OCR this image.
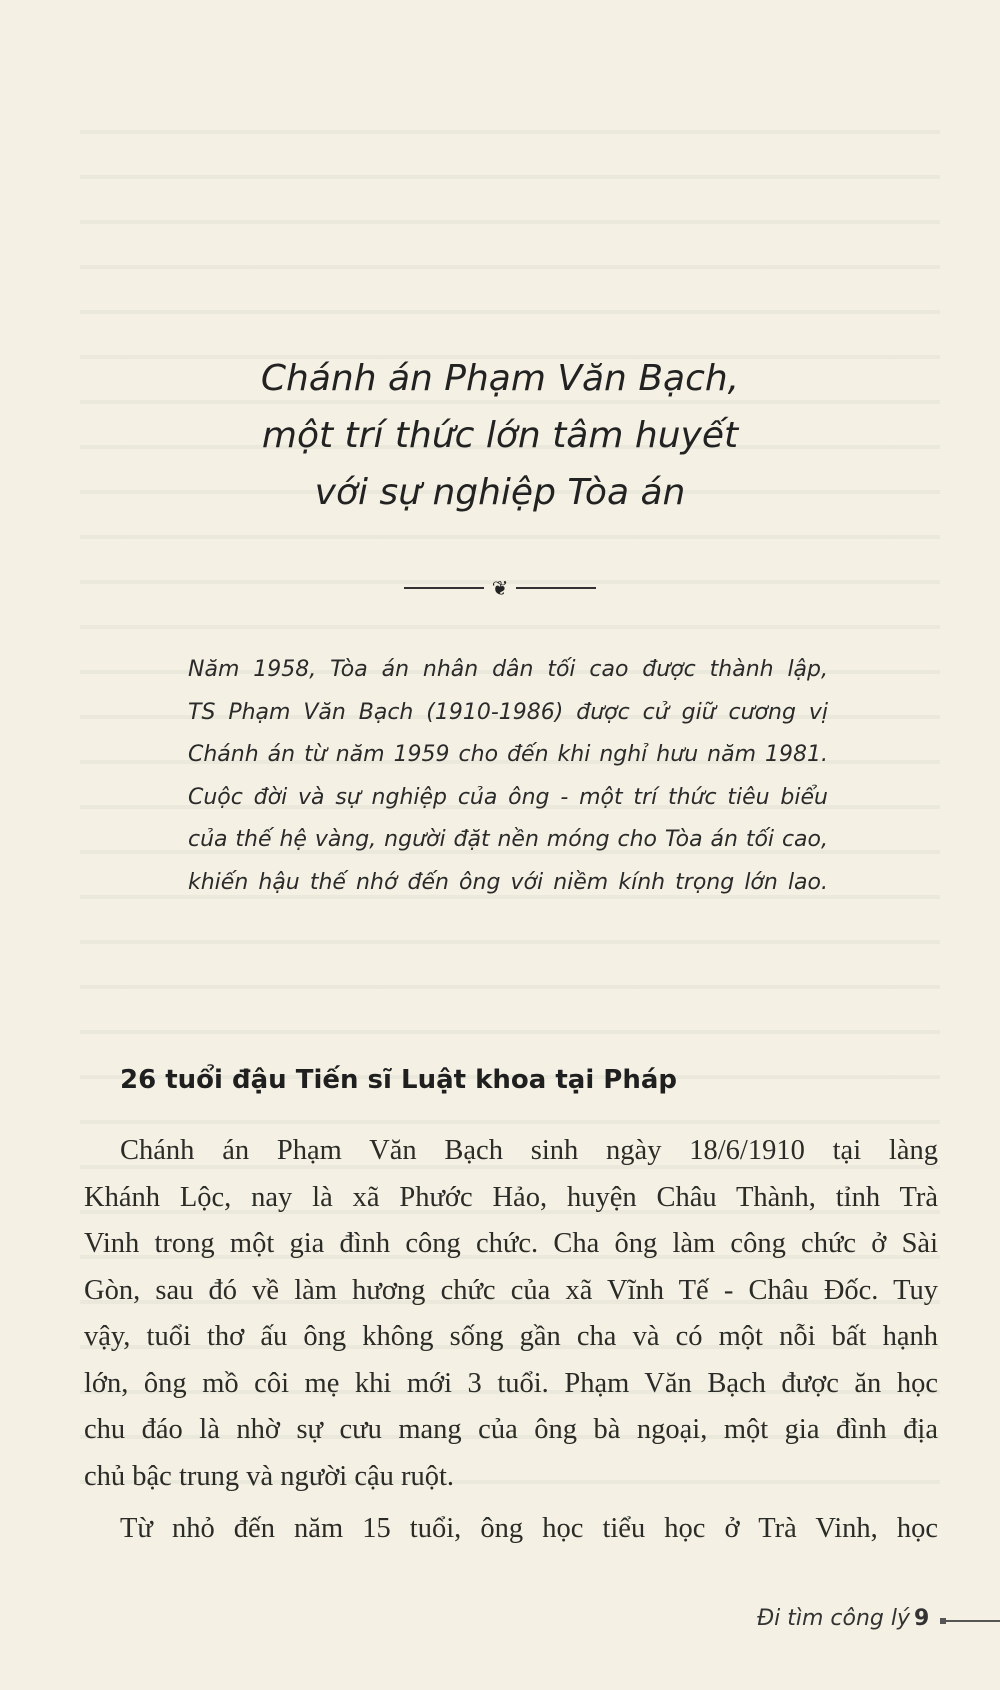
Chánh án Phạm Văn Bạch,
một trí thức lớn tâm huyết
với sự nghiệp Tòa án
❦
Năm 1958, Tòa án nhân dân tối cao được thành lập,
TS Phạm Văn Bạch (1910-1986) được cử giữ cương vị
Chánh án từ năm 1959 cho đến khi nghỉ hưu năm 1981.
Cuộc đời và sự nghiệp của ông - một trí thức tiêu biểu
của thế hệ vàng, người đặt nền móng cho Tòa án tối cao,
khiến hậu thế nhớ đến ông với niềm kính trọng lớn lao.
26 tuổi đậu Tiến sĩ Luật khoa tại Pháp
Chánh án Phạm Văn Bạch sinh ngày 18/6/1910 tại làng
Khánh Lộc, nay là xã Phước Hảo, huyện Châu Thành, tỉnh Trà
Vinh trong một gia đình công chức. Cha ông làm công chức ở Sài
Gòn, sau đó về làm hương chức của xã Vĩnh Tế - Châu Đốc. Tuy
vậy, tuổi thơ ấu ông không sống gần cha và có một nỗi bất hạnh
lớn, ông mồ côi mẹ khi mới 3 tuổi. Phạm Văn Bạch được ăn học
chu đáo là nhờ sự cưu mang của ông bà ngoại, một gia đình địa
chủ bậc trung và người cậu ruột.
Từ nhỏ đến năm 15 tuổi, ông học tiểu học ở Trà Vinh, học
Đi tìm công lý 9
